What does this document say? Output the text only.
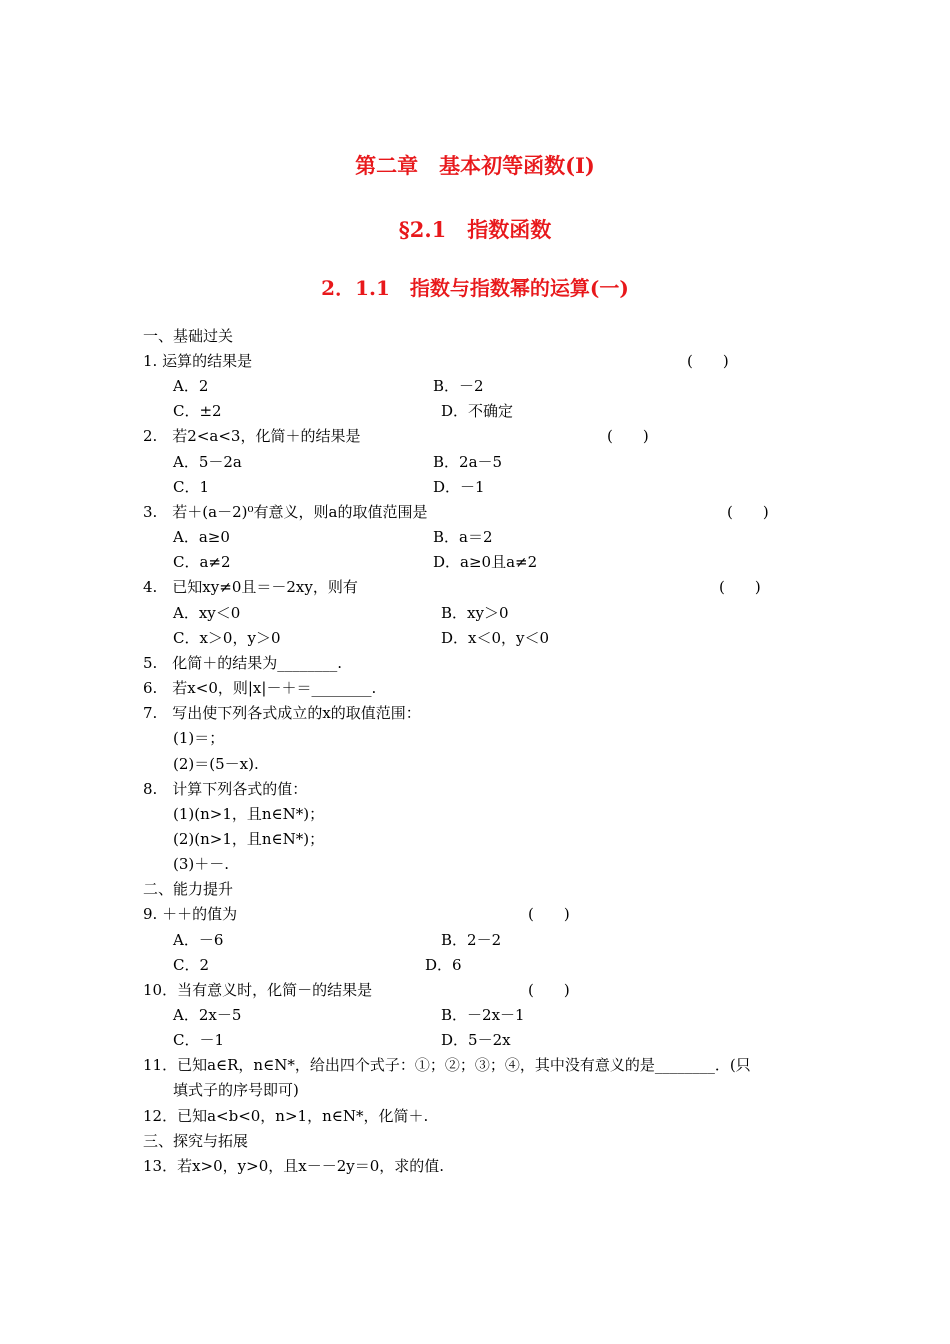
第二章　基本初等函数(Ⅰ)
§2.1　指数函数
2．1.1　指数与指数幂的运算(一)
一、基础过关
1. 运算的结果是	(　　)
A．2	B．－2
C．±2	D．不确定
2.　若2<a<3，化简＋的结果是	(　　)
A．5－2a	B．2a－5
C．1	D．－1
3.　若＋(a－2)⁰有意义，则a的取值范围是	(　　)
A．a≥0	B．a＝2
C．a≠2	D．a≥0且a≠2
4.　已知xy≠0且＝－2xy，则有	(　　)
A．xy＜0	B．xy＞0
C．x＞0，y＞0	D．x＜0，y＜0
5.　化简＋的结果为________.
6.　若x<0，则|x|－＋＝________.
7.　写出使下列各式成立的x的取值范围：
(1)＝；
(2)＝(5－x).
8.　计算下列各式的值：
(1)(n>1，且n∈N*)；
(2)(n>1，且n∈N*)；
(3)＋－.
二、能力提升
9. ＋＋的值为	(　　)
A．－6	B．2－2
C．2	D．6
10．当有意义时，化简－的结果是	(　　)
A．2x－5	B．－2x－1
C．－1	D．5－2x
11．已知a∈R，n∈N*，给出四个式子：①；②；③；④，其中没有意义的是________．(只
填式子的序号即可)
12．已知a<b<0，n>1，n∈N*，化简＋.
三、探究与拓展
13．若x>0，y>0，且x－－2y＝0，求的值.
